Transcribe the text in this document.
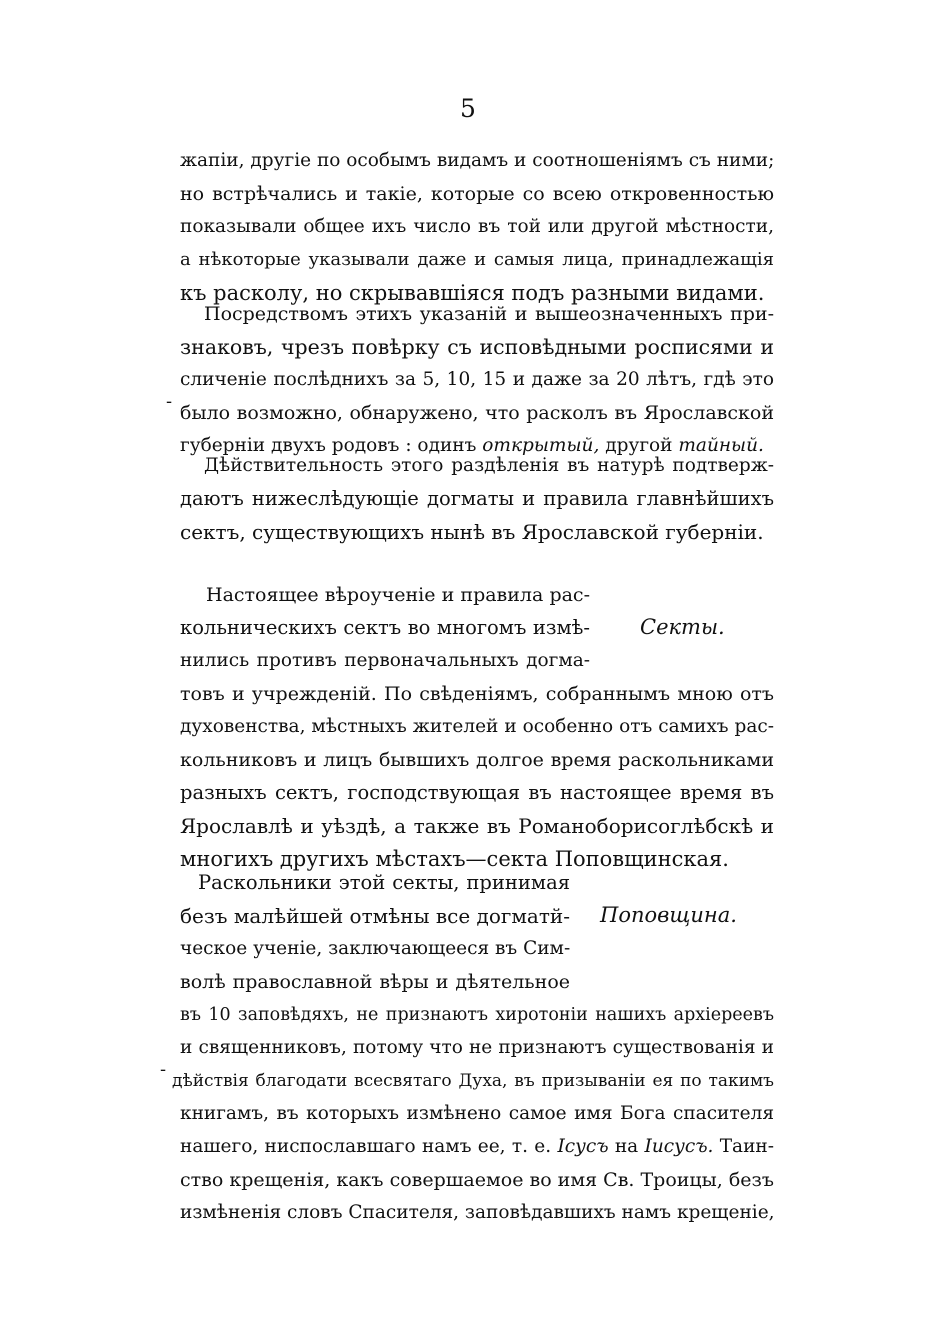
5
жапіи, другіе по особымъ видамъ и соотношеніямъ съ ними;
но встрѣчались и такіе, которые со всею откровенностью
показывали общее ихъ число въ той или другой мѣстности,
а нѣкоторые указывали даже и самыя лица, принадлежащія
къ расколу, но скрывавшіяся подъ разными видами.
Посредствомъ этихъ указаній и вышеозначенныхъ при-
знаковъ, чрезъ повѣрку съ исповѣдными росписями и
сличеніе послѣднихъ за 5, 10, 15 и даже за 20 лѣтъ, гдѣ это
-
было возможно, обнаружено, что расколъ въ Ярославской
губерніи двухъ родовъ : одинъ открытый, другой тайный.
Дѣйствительность этого раздѣленія въ натурѣ подтверж-
даютъ нижеслѣдующіе догматы и правила главнѣйшихъ
сектъ, существующихъ нынѣ въ Ярославской губерніи.
Настоящее вѣроученіе и правила рас-
кольническихъ сектъ во многомъ измѣ- Секты.
нились противъ первоначальныхъ догма-
товъ и учрежденій. По свѣденіямъ, собраннымъ мною отъ
духовенства, мѣстныхъ жителей и особенно отъ самихъ рас-
кольниковъ и лицъ бывшихъ долгое время раскольниками
разныхъ сектъ, господствующая въ настоящее время въ
Ярославлѣ и уѣздѣ, а также въ Романоборисоглѣбскѣ и
многихъ другихъ мѣстахъ—секта Поповщинская.
Раскольники этой секты, принимая
безъ малѣйшей отмѣны все догматй- Поповщина.
ческое ученіе, заключающееся въ Сим-
волѣ православной вѣры и дѣятельное
въ 10 заповѣдяхъ, не признаютъ хиротоніи нашихъ архіереевъ
и священниковъ, потому что не признаютъ существованія и
-
дѣйствія благодати всесвятаго Духа, въ призываніи ея по такимъ
книгамъ, въ которыхъ измѣнено самое имя Бога спасителя
нашего, ниспославшаго намъ ее, т. е. Ісусъ на Іисусъ. Таин-
ство крещенія, какъ совершаемое во имя Св. Троицы, безъ
измѣненія словъ Спасителя, заповѣдавшихъ намъ крещеніе,
